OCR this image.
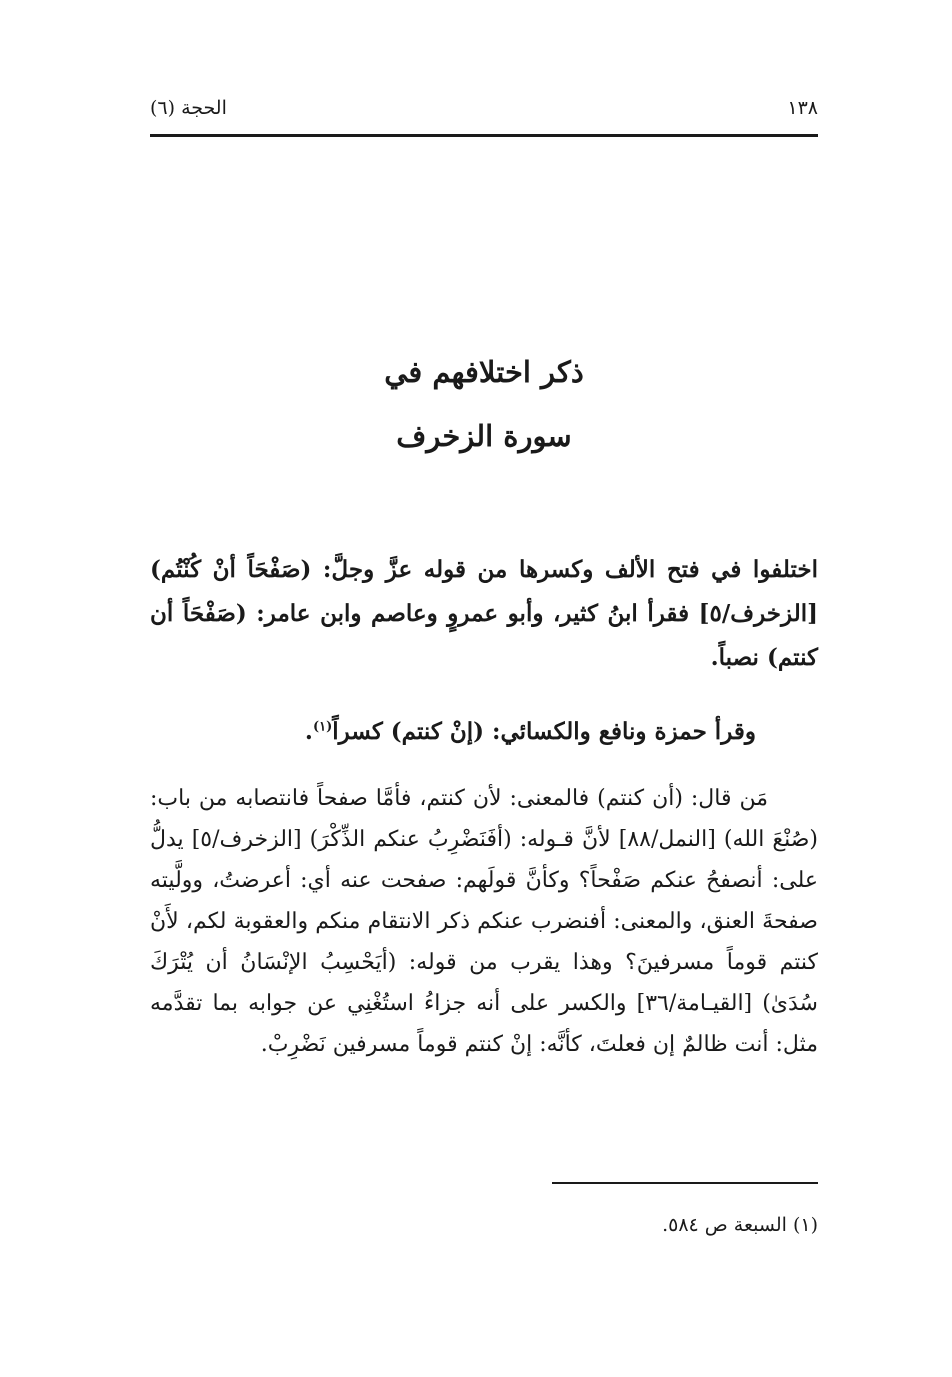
١٣٨
الحجة (٦)
ذكر اختلافهم في
سورة الزخرف
اختلفوا في فتح الألف وكسرها من قوله عزَّ وجلَّ: (صَفْحَاً أنْ كُنْتُم) [الزخرف/٥] فقرأ ابنُ كثير، وأبو عمروٍ وعاصم وابن عامر: (صَفْحَاً أن كنتم) نصباً.
وقرأ حمزة ونافع والكسائي: (إنْ كنتم) كسراً$^{(١)}$.
مَن قال: (أن كنتم) فالمعنى: لأن كنتم، فأمَّا صفحاً فانتصابه من باب: (صُنْعَ الله) [النمل/٨٨] لأنَّ قـوله: (أفَنَضْرِبُ عنكم الذِّكْرَ) [الزخرف/٥] يدلُّ على: أنصفحُ عنكم صَفْحاً؟ وكأنَّ قولَهم: صفحت عنه أي: أعرضتُ، وولَّيته صفحةَ العنق، والمعنى: أفنضرب عنكم ذكر الانتقام منكم والعقوبة لكم، لأَنْ كنتم قوماً مسرفينَ؟ وهذا يقرب من قوله: (أيَحْسِبُ الإنْسَانُ أن يُتْرَكَ سُدَىٰ) [القيـامة/٣٦] والكسر على أنه جزاءُ استُغْنِي عن جوابه بما تقدَّمه مثل: أنت ظالمٌ إن فعلتَ، كأنَّه: إنْ كنتم قوماً مسرفين نَضْرِبْ.
(١) السبعة ص ٥٨٤.
